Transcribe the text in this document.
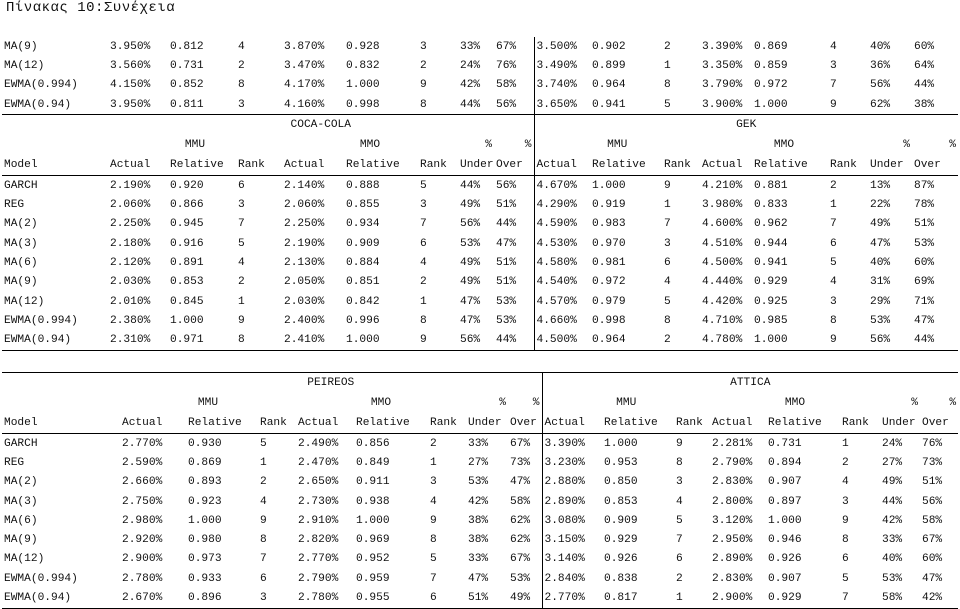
Πίνακας 10:Συνέχεια
MA(9)	3.950%	0.812	4	3.870%	0.928	3	33%	67%	3.500%	0.902	2	3.390%	0.869	4	40%	60%
MA(12)	3.560%	0.731	2	3.470%	0.832	2	24%	76%	3.490%	0.899	1	3.350%	0.859	3	36%	64%
EWMA(0.994)	4.150%	0.852	8	4.170%	1.000	9	42%	58%	3.740%	0.964	8	3.790%	0.972	7	56%	44%
EWMA(0.94)	3.950%	0.811	3	4.160%	0.998	8	44%	56%	3.650%	0.941	5	3.900%	1.000	9	62%	38%
	COCA-COLA								GEK							
	MMU			MMO			%	%	MMU			MMO			%	%
Model	Actual	Relative	Rank	Actual	Relative	Rank	Under	Over	Actual	Relative	Rank	Actual	Relative	Rank	Under	Over
GARCH	2.190%	0.920	6	2.140%	0.888	5	44%	56%	4.670%	1.000	9	4.210%	0.881	2	13%	87%
REG	2.060%	0.866	3	2.060%	0.855	3	49%	51%	4.290%	0.919	1	3.980%	0.833	1	22%	78%
MA(2)	2.250%	0.945	7	2.250%	0.934	7	56%	44%	4.590%	0.983	7	4.600%	0.962	7	49%	51%
MA(3)	2.180%	0.916	5	2.190%	0.909	6	53%	47%	4.530%	0.970	3	4.510%	0.944	6	47%	53%
MA(6)	2.120%	0.891	4	2.130%	0.884	4	49%	51%	4.580%	0.981	6	4.500%	0.941	5	40%	60%
MA(9)	2.030%	0.853	2	2.050%	0.851	2	49%	51%	4.540%	0.972	4	4.440%	0.929	4	31%	69%
MA(12)	2.010%	0.845	1	2.030%	0.842	1	47%	53%	4.570%	0.979	5	4.420%	0.925	3	29%	71%
EWMA(0.994)	2.380%	1.000	9	2.400%	0.996	8	47%	53%	4.660%	0.998	8	4.710%	0.985	8	53%	47%
EWMA(0.94)	2.310%	0.971	8	2.410%	1.000	9	56%	44%	4.500%	0.964	2	4.780%	1.000	9	56%	44%
	PEIREOS								ATTICA							
	MMU			MMO			%	%	MMU			MMO			%	%
Model	Actual	Relative	Rank	Actual	Relative	Rank	Under	Over	Actual	Relative	Rank	Actual	Relative	Rank	Under	Over
GARCH	2.770%	0.930	5	2.490%	0.856	2	33%	67%	3.390%	1.000	9	2.281%	0.731	1	24%	76%
REG	2.590%	0.869	1	2.470%	0.849	1	27%	73%	3.230%	0.953	8	2.790%	0.894	2	27%	73%
MA(2)	2.660%	0.893	2	2.650%	0.911	3	53%	47%	2.880%	0.850	3	2.830%	0.907	4	49%	51%
MA(3)	2.750%	0.923	4	2.730%	0.938	4	42%	58%	2.890%	0.853	4	2.800%	0.897	3	44%	56%
MA(6)	2.980%	1.000	9	2.910%	1.000	9	38%	62%	3.080%	0.909	5	3.120%	1.000	9	42%	58%
MA(9)	2.920%	0.980	8	2.820%	0.969	8	38%	62%	3.150%	0.929	7	2.950%	0.946	8	33%	67%
MA(12)	2.900%	0.973	7	2.770%	0.952	5	33%	67%	3.140%	0.926	6	2.890%	0.926	6	40%	60%
EWMA(0.994)	2.780%	0.933	6	2.790%	0.959	7	47%	53%	2.840%	0.838	2	2.830%	0.907	5	53%	47%
EWMA(0.94)	2.670%	0.896	3	2.780%	0.955	6	51%	49%	2.770%	0.817	1	2.900%	0.929	7	58%	42%
